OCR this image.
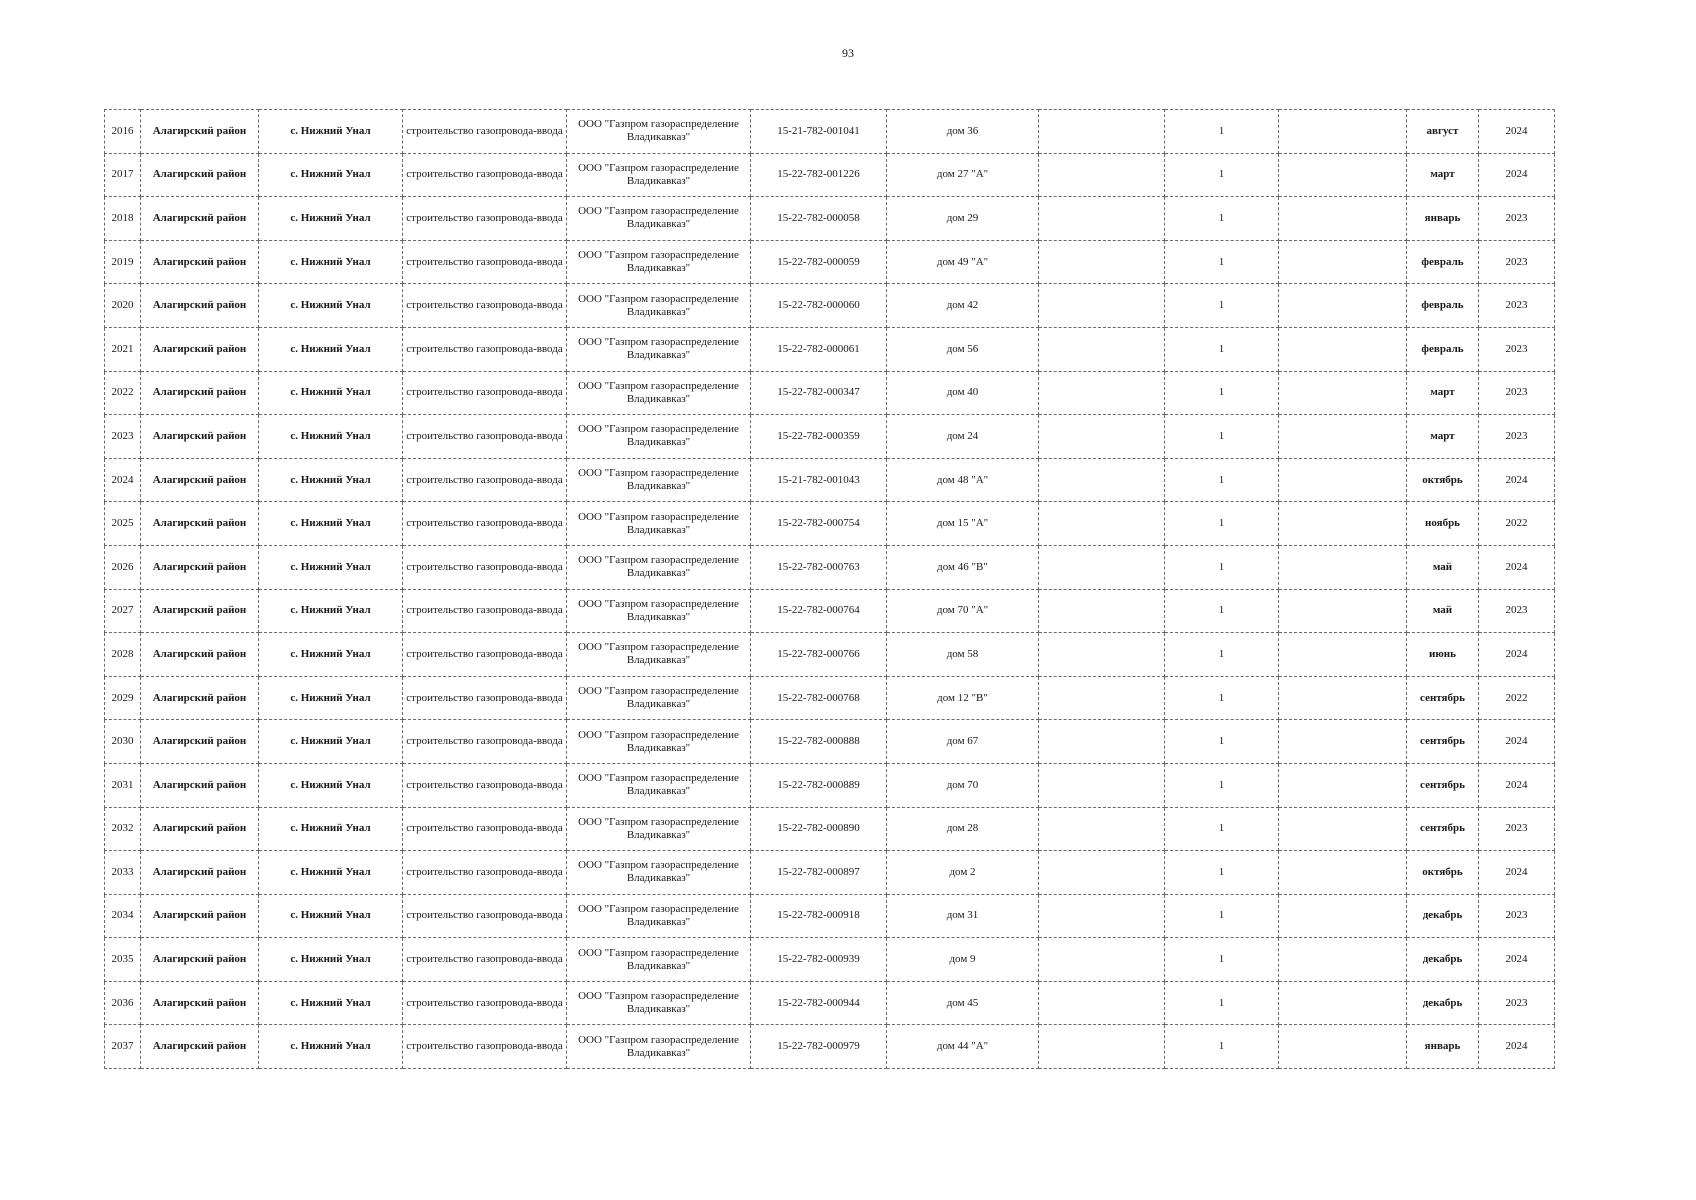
93
2016	Алагирский район	с. Нижний Унал	строительство газопровода-ввода	ООО "Газпром газораспределение Владикавказ"	15-21-782-001041	дом 36		1		август	2024
2017	Алагирский район	с. Нижний Унал	строительство газопровода-ввода	ООО "Газпром газораспределение Владикавказ"	15-22-782-001226	дом 27 "А"		1		март	2024
2018	Алагирский район	с. Нижний Унал	строительство газопровода-ввода	ООО "Газпром газораспределение Владикавказ"	15-22-782-000058	дом 29		1		январь	2023
2019	Алагирский район	с. Нижний Унал	строительство газопровода-ввода	ООО "Газпром газораспределение Владикавказ"	15-22-782-000059	дом 49 "А"		1		февраль	2023
2020	Алагирский район	с. Нижний Унал	строительство газопровода-ввода	ООО "Газпром газораспределение Владикавказ"	15-22-782-000060	дом 42		1		февраль	2023
2021	Алагирский район	с. Нижний Унал	строительство газопровода-ввода	ООО "Газпром газораспределение Владикавказ"	15-22-782-000061	дом 56		1		февраль	2023
2022	Алагирский район	с. Нижний Унал	строительство газопровода-ввода	ООО "Газпром газораспределение Владикавказ"	15-22-782-000347	дом 40		1		март	2023
2023	Алагирский район	с. Нижний Унал	строительство газопровода-ввода	ООО "Газпром газораспределение Владикавказ"	15-22-782-000359	дом 24		1		март	2023
2024	Алагирский район	с. Нижний Унал	строительство газопровода-ввода	ООО "Газпром газораспределение Владикавказ"	15-21-782-001043	дом 48 "А"		1		октябрь	2024
2025	Алагирский район	с. Нижний Унал	строительство газопровода-ввода	ООО "Газпром газораспределение Владикавказ"	15-22-782-000754	дом 15 "А"		1		ноябрь	2022
2026	Алагирский район	с. Нижний Унал	строительство газопровода-ввода	ООО "Газпром газораспределение Владикавказ"	15-22-782-000763	дом 46 "В"		1		май	2024
2027	Алагирский район	с. Нижний Унал	строительство газопровода-ввода	ООО "Газпром газораспределение Владикавказ"	15-22-782-000764	дом 70 "А"		1		май	2023
2028	Алагирский район	с. Нижний Унал	строительство газопровода-ввода	ООО "Газпром газораспределение Владикавказ"	15-22-782-000766	дом 58		1		июнь	2024
2029	Алагирский район	с. Нижний Унал	строительство газопровода-ввода	ООО "Газпром газораспределение Владикавказ"	15-22-782-000768	дом 12 "В"		1		сентябрь	2022
2030	Алагирский район	с. Нижний Унал	строительство газопровода-ввода	ООО "Газпром газораспределение Владикавказ"	15-22-782-000888	дом 67		1		сентябрь	2024
2031	Алагирский район	с. Нижний Унал	строительство газопровода-ввода	ООО "Газпром газораспределение Владикавказ"	15-22-782-000889	дом 70		1		сентябрь	2024
2032	Алагирский район	с. Нижний Унал	строительство газопровода-ввода	ООО "Газпром газораспределение Владикавказ"	15-22-782-000890	дом 28		1		сентябрь	2023
2033	Алагирский район	с. Нижний Унал	строительство газопровода-ввода	ООО "Газпром газораспределение Владикавказ"	15-22-782-000897	дом 2		1		октябрь	2024
2034	Алагирский район	с. Нижний Унал	строительство газопровода-ввода	ООО "Газпром газораспределение Владикавказ"	15-22-782-000918	дом 31		1		декабрь	2023
2035	Алагирский район	с. Нижний Унал	строительство газопровода-ввода	ООО "Газпром газораспределение Владикавказ"	15-22-782-000939	дом 9		1		декабрь	2024
2036	Алагирский район	с. Нижний Унал	строительство газопровода-ввода	ООО "Газпром газораспределение Владикавказ"	15-22-782-000944	дом 45		1		декабрь	2023
2037	Алагирский район	с. Нижний Унал	строительство газопровода-ввода	ООО "Газпром газораспределение Владикавказ"	15-22-782-000979	дом 44 "А"		1		январь	2024
